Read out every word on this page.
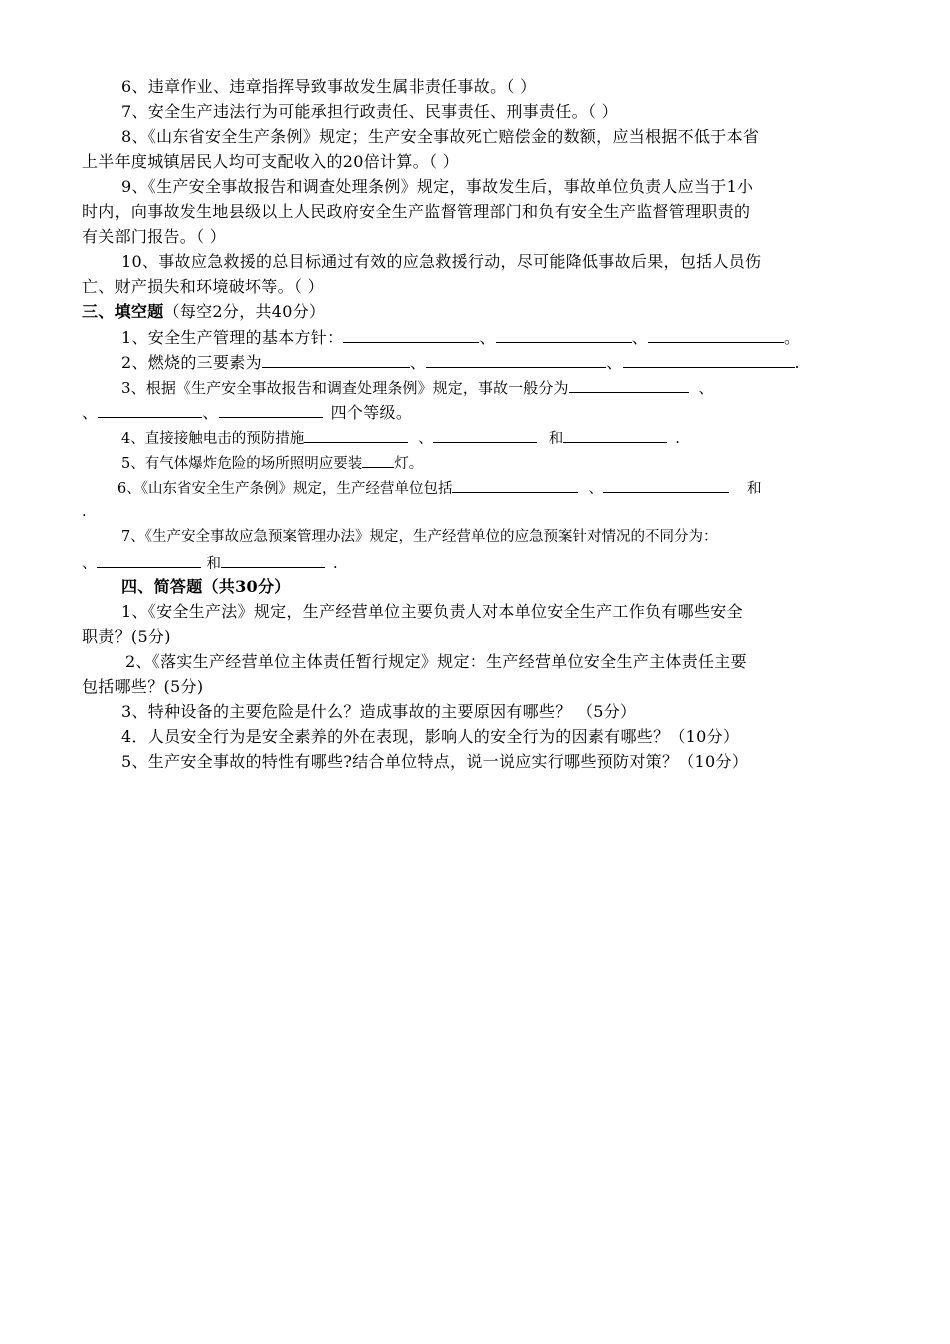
6、违章作业、违章指挥导致事故发生属非责任事故。（ ）
7、安全生产违法行为可能承担行政责任、民事责任、刑事责任。（ ）
8、《山东省安全生产条例》规定；生产安全事故死亡赔偿金的数额，应当根据不低于本省
上半年度城镇居民人均可支配收入的20倍计算。（ ）
9、《生产安全事故报告和调查处理条例》规定，事故发生后，事故单位负责人应当于1小
时内，向事故发生地县级以上人民政府安全生产监督管理部门和负有安全生产监督管理职责的
有关部门报告。（ ）
10、事故应急救援的总目标通过有效的应急救援行动，尽可能降低事故后果，包括人员伤
亡、财产损失和环境破坏等。（ ）
三、填空题（每空2分，共40分）
1、安全生产管理的基本方针：	、	、	。
2、燃烧的三要素为	、	、	.
3、根据《生产安全事故报告和调查处理条例》规定，事故一般分为	、
、	、	四个等级。
4、直接接触电击的预防措施	、	和	.
5、有气体爆炸危险的场所照明应要装 灯。
6、《山东省安全生产条例》规定，生产经营单位包括	、	和
.
7、《生产安全事故应急预案管理办法》规定，生产经营单位的应急预案针对情况的不同分为：
、	和	.
四、简答题（共30分）
1、《安全生产法》规定，生产经营单位主要负责人对本单位安全生产工作负有哪些安全
职责？(5分)
2、《落实生产经营单位主体责任暂行规定》规定：生产经营单位安全生产主体责任主要
包括哪些？(5分)
3、特种设备的主要危险是什么？造成事故的主要原因有哪些？ （5分）
4．人员安全行为是安全素养的外在表现，影响人的安全行为的因素有哪些？（10分）
5、生产安全事故的特性有哪些?结合单位特点，说一说应实行哪些预防对策？（10分）
